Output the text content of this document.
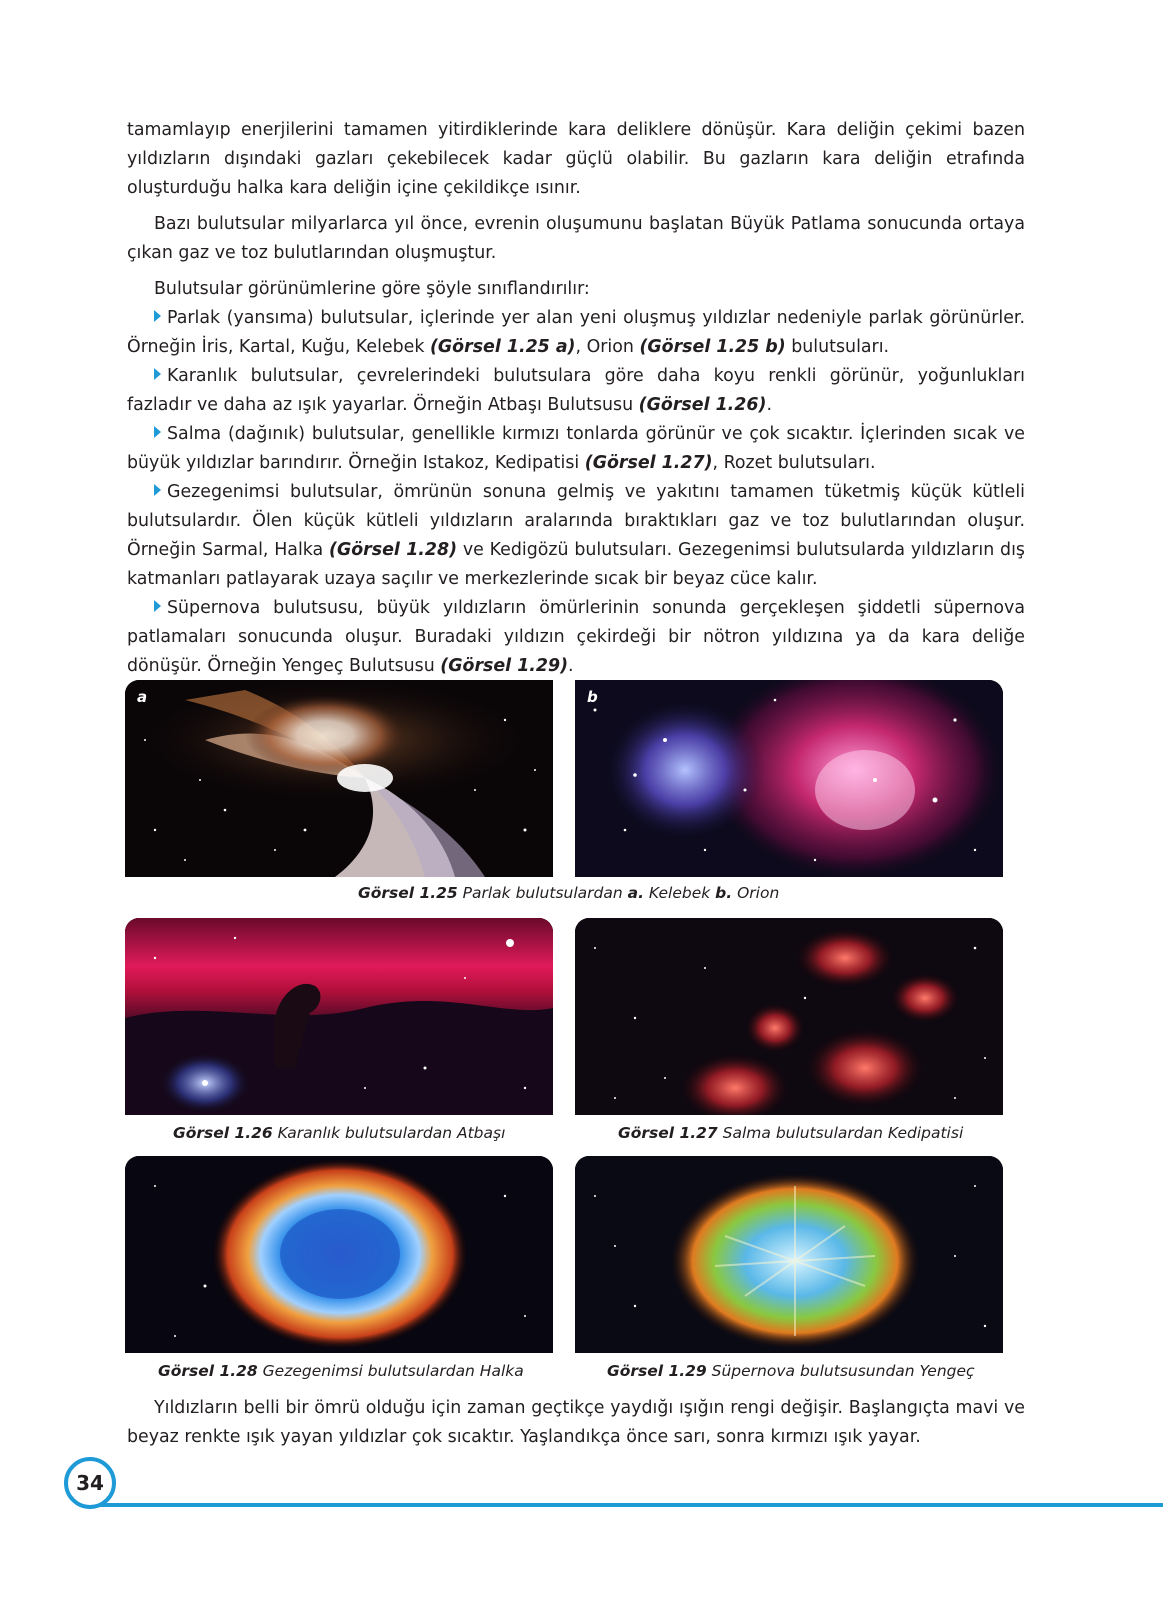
tamamlayıp enerjilerini tamamen yitirdiklerinde kara deliklere dönüşür. Kara deliğin çekimi bazen yıldızların dışındaki gazları çekebilecek kadar güçlü olabilir. Bu gazların kara deliğin etrafında oluşturduğu halka kara deliğin içine çekildikçe ısınır.

Bazı bulutsular milyarlarca yıl önce, evrenin oluşumunu başlatan Büyük Patlama sonucunda ortaya çıkan gaz ve toz bulutlarından oluşmuştur.

Bulutsular görünümlerine göre şöyle sınıflandırılır:

Parlak (yansıma) bulutsular, içlerinde yer alan yeni oluşmuş yıldızlar nedeniyle parlak görünürler. Örneğin İris, Kartal, Kuğu, Kelebek (Görsel 1.25 a), Orion (Görsel 1.25 b) bulutsuları.

Karanlık bulutsular, çevrelerindeki bulutsulara göre daha koyu renkli görünür, yoğunlukları fazladır ve daha az ışık yayarlar. Örneğin Atbaşı Bulutsusu (Görsel 1.26).

Salma (dağınık) bulutsular, genellikle kırmızı tonlarda görünür ve çok sıcaktır. İçlerinden sıcak ve büyük yıldızlar barındırır. Örneğin Istakoz, Kedipatisi (Görsel 1.27), Rozet bulutsuları.

Gezegenimsi bulutsular, ömrünün sonuna gelmiş ve yakıtını tamamen tüketmiş küçük kütleli bulutsulardır. Ölen küçük kütleli yıldızların aralarında bıraktıkları gaz ve toz bulutlarından oluşur. Örneğin Sarmal, Halka (Görsel 1.28) ve Kedigözü bulutsuları. Gezegenimsi bulutsularda yıldızların dış katmanları patlayarak uzaya saçılır ve merkezlerinde sıcak bir beyaz cüce kalır.

Süpernova bulutsusu, büyük yıldızların ömürlerinin sonunda gerçekleşen şiddetli süpernova patlamaları sonucunda oluşur. Buradaki yıldızın çekirdeği bir nötron yıldızına ya da kara deliğe dönüşür. Örneğin Yengeç Bulutsusu (Görsel 1.29).

a	b
Görsel 1.25 Parlak bulutsulardan a. Kelebek b. Orion
Görsel 1.26 Karanlık bulutsulardan Atbaşı	Görsel 1.27 Salma bulutsulardan Kedipatisi
Görsel 1.28 Gezegenimsi bulutsulardan Halka	Görsel 1.29 Süpernova bulutsusundan Yengeç

Yıldızların belli bir ömrü olduğu için zaman geçtikçe yaydığı ışığın rengi değişir. Başlangıçta mavi ve beyaz renkte ışık yayan yıldızlar çok sıcaktır. Yaşlandıkça önce sarı, sonra kırmızı ışık yayar.

34
